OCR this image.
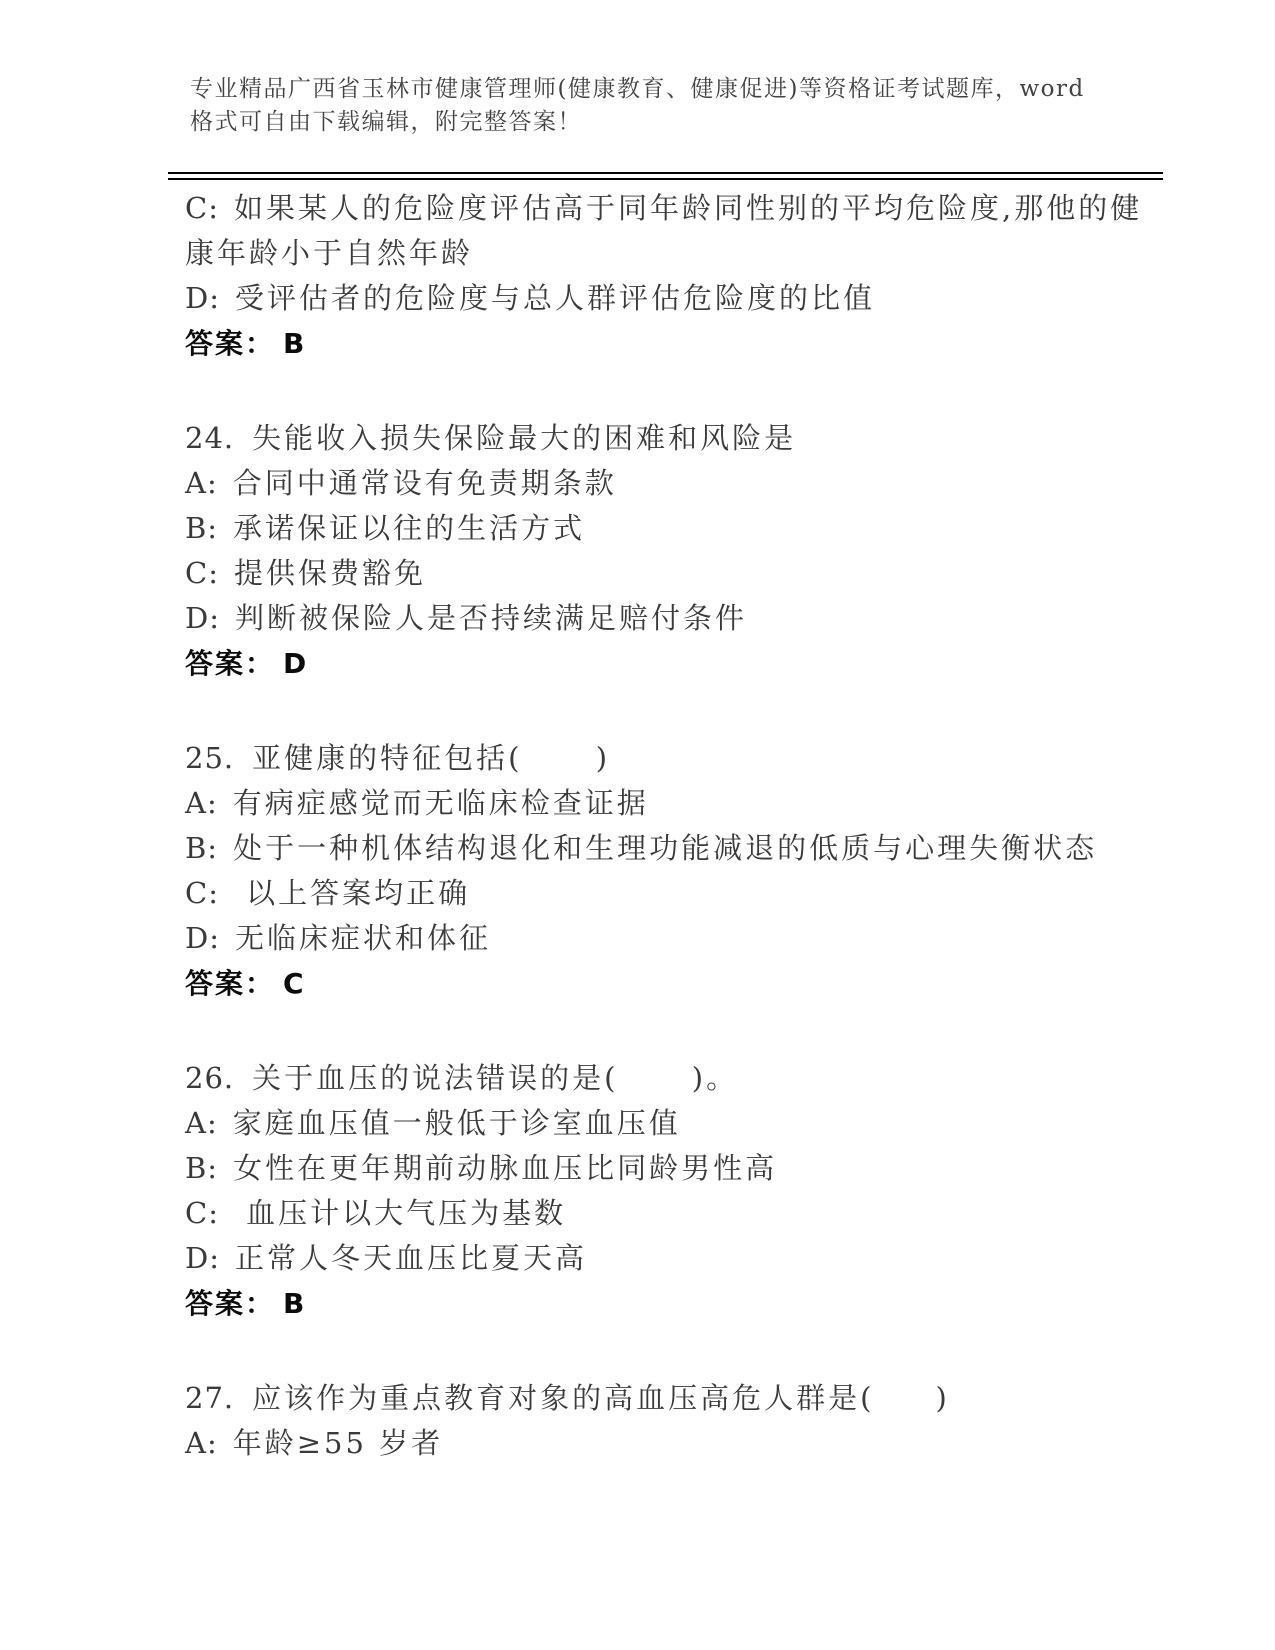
专业精品广西省玉林市健康管理师(健康教育、健康促进)等资格证考试题库，word
格式可自由下载编辑，附完整答案！
C: 如果某人的危险度评估高于同年龄同性别的平均危险度,那他的健
康年龄小于自然年龄
D: 受评估者的危险度与总人群评估危险度的比值
答案： B
24. 失能收入损失保险最大的困难和风险是
A: 合同中通常设有免责期条款
B: 承诺保证以往的生活方式
C: 提供保费豁免
D: 判断被保险人是否持续满足赔付条件
答案： D
25. 亚健康的特征包括(      )
A: 有病症感觉而无临床检查证据
B: 处于一种机体结构退化和生理功能减退的低质与心理失衡状态
C: 以上答案均正确
D: 无临床症状和体征
答案： C
26. 关于血压的说法错误的是(      )。
A: 家庭血压值一般低于诊室血压值
B: 女性在更年期前动脉血压比同龄男性高
C: 血压计以大气压为基数
D: 正常人冬天血压比夏天高
答案： B
27. 应该作为重点教育对象的高血压高危人群是(     )
A: 年龄≥55 岁者
